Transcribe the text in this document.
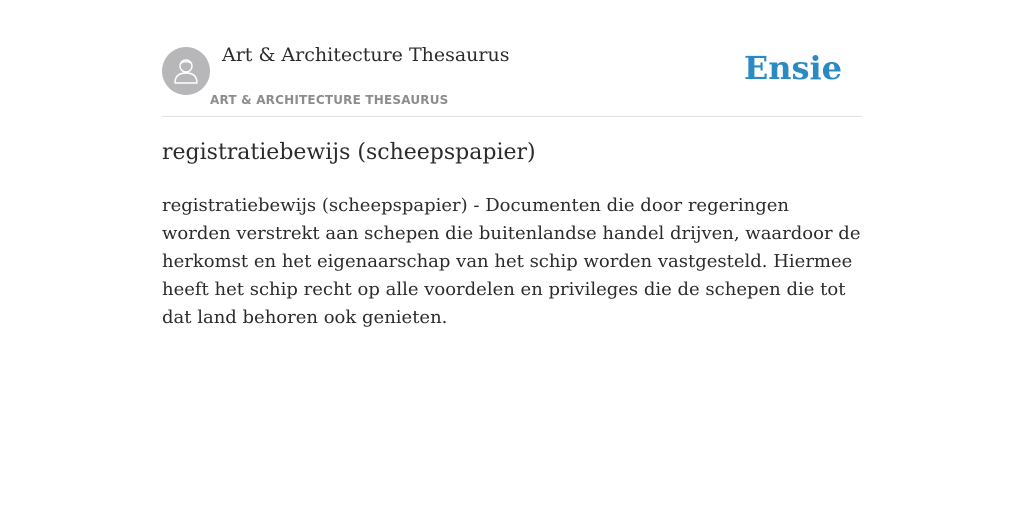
Art & Architecture Thesaurus
ART & ARCHITECTURE THESAURUS
Ensie
registratiebewijs (scheepspapier)

registratiebewijs (scheepspapier) - Documenten die door regeringen worden verstrekt aan schepen die buitenlandse handel drijven, waardoor de herkomst en het eigenaarschap van het schip worden vastgesteld. Hiermee heeft het schip recht op alle voordelen en privileges die de schepen die tot dat land behoren ook genieten.
